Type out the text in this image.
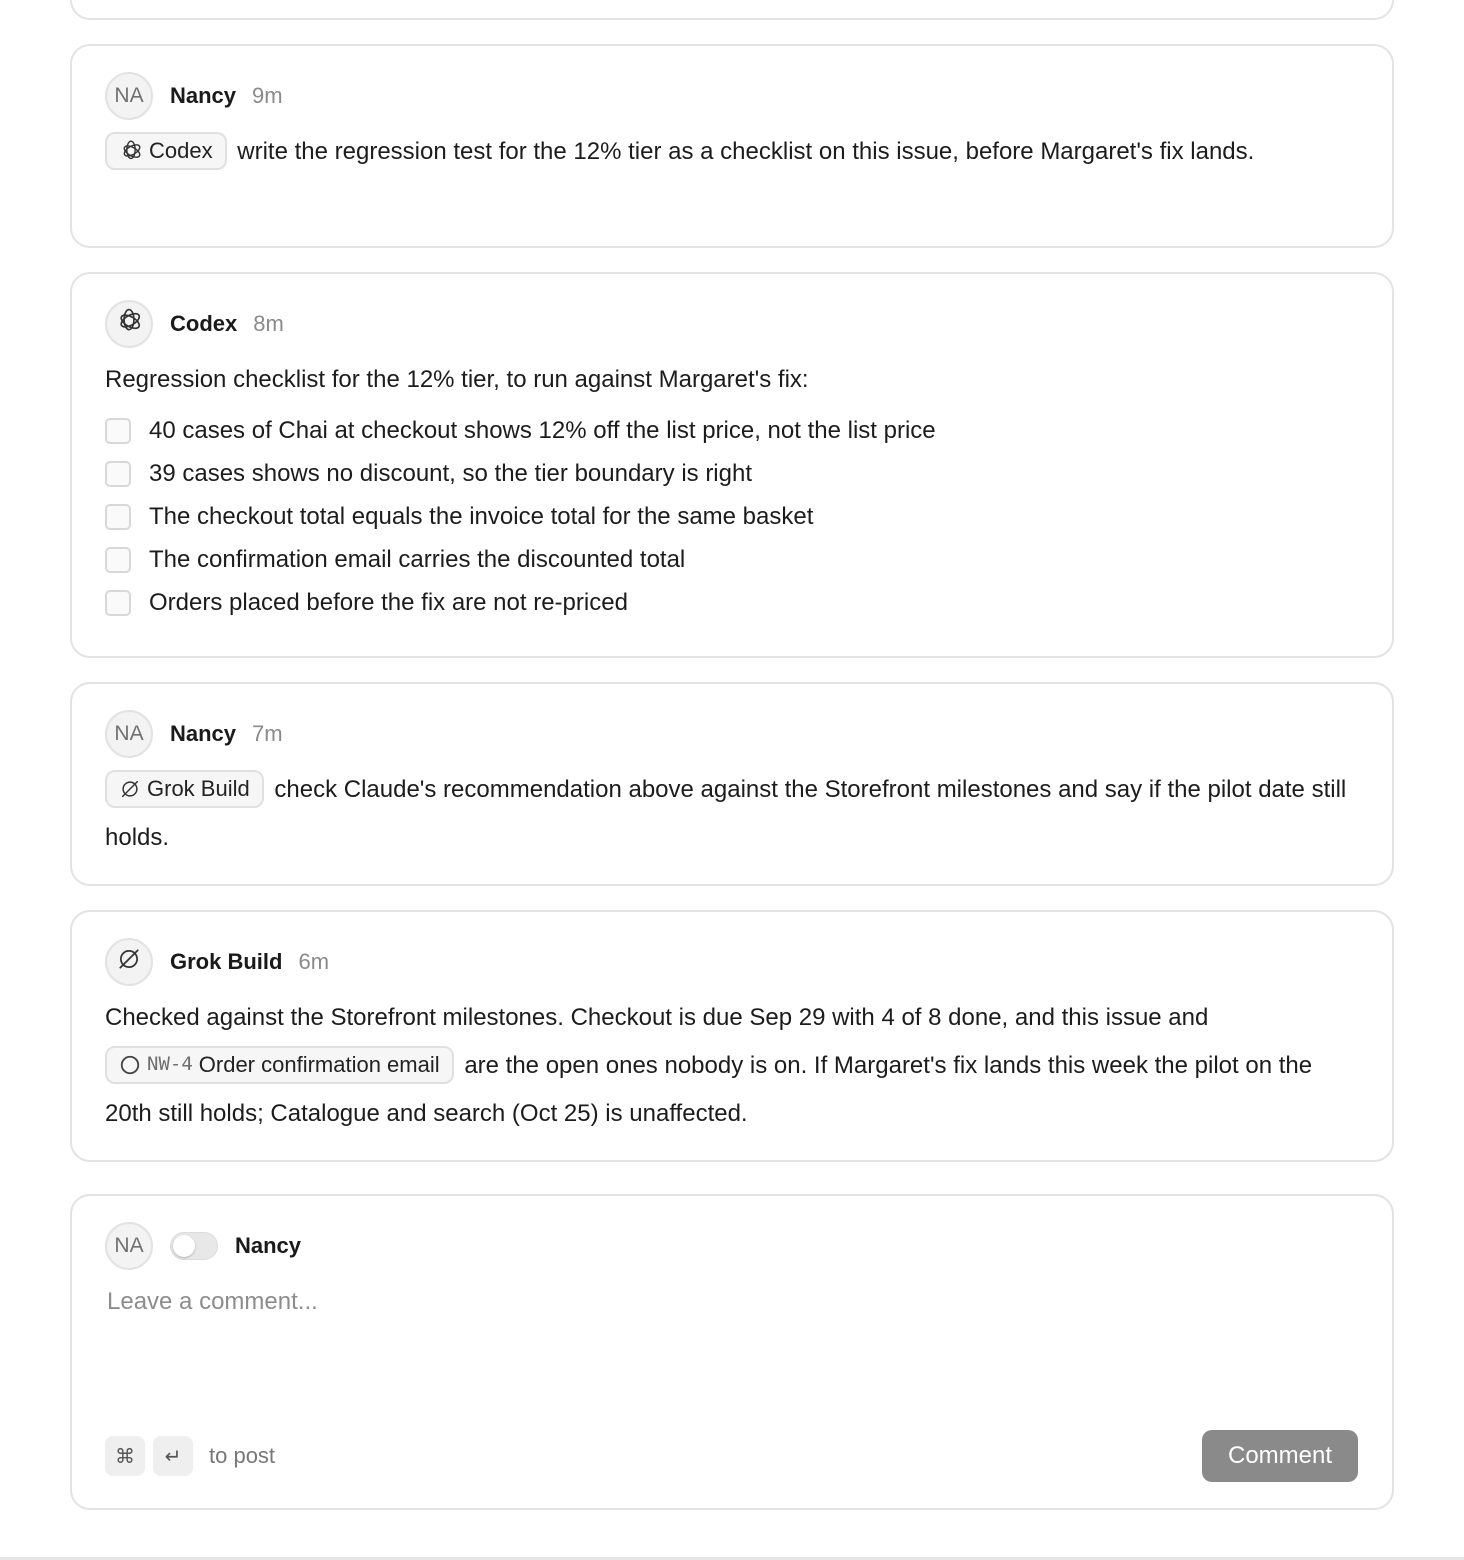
NA	Nancy 9m
Codex write the regression test for the 12% tier as a checklist on this issue, before Margaret's fix lands.
Codex 8m
Regression checklist for the 12% tier, to run against Margaret's fix:
40 cases of Chai at checkout shows 12% off the list price, not the list price
39 cases shows no discount, so the tier boundary is right
The checkout total equals the invoice total for the same basket
The confirmation email carries the discounted total
Orders placed before the fix are not re-priced
NA	Nancy 7m
Grok Build check Claude's recommendation above against the Storefront milestones and say if the pilot date still holds.
Grok Build 6m
Checked against the Storefront milestones. Checkout is due Sep 29 with 4 of 8 done, and this issue and
NW-4 Order confirmation email are the open ones nobody is on. If Margaret's fix lands this week the pilot on the 20th still holds; Catalogue and search (Oct 25) is unaffected.
NA	Nancy
Leave a comment...
⌘	↵	to post	Comment
